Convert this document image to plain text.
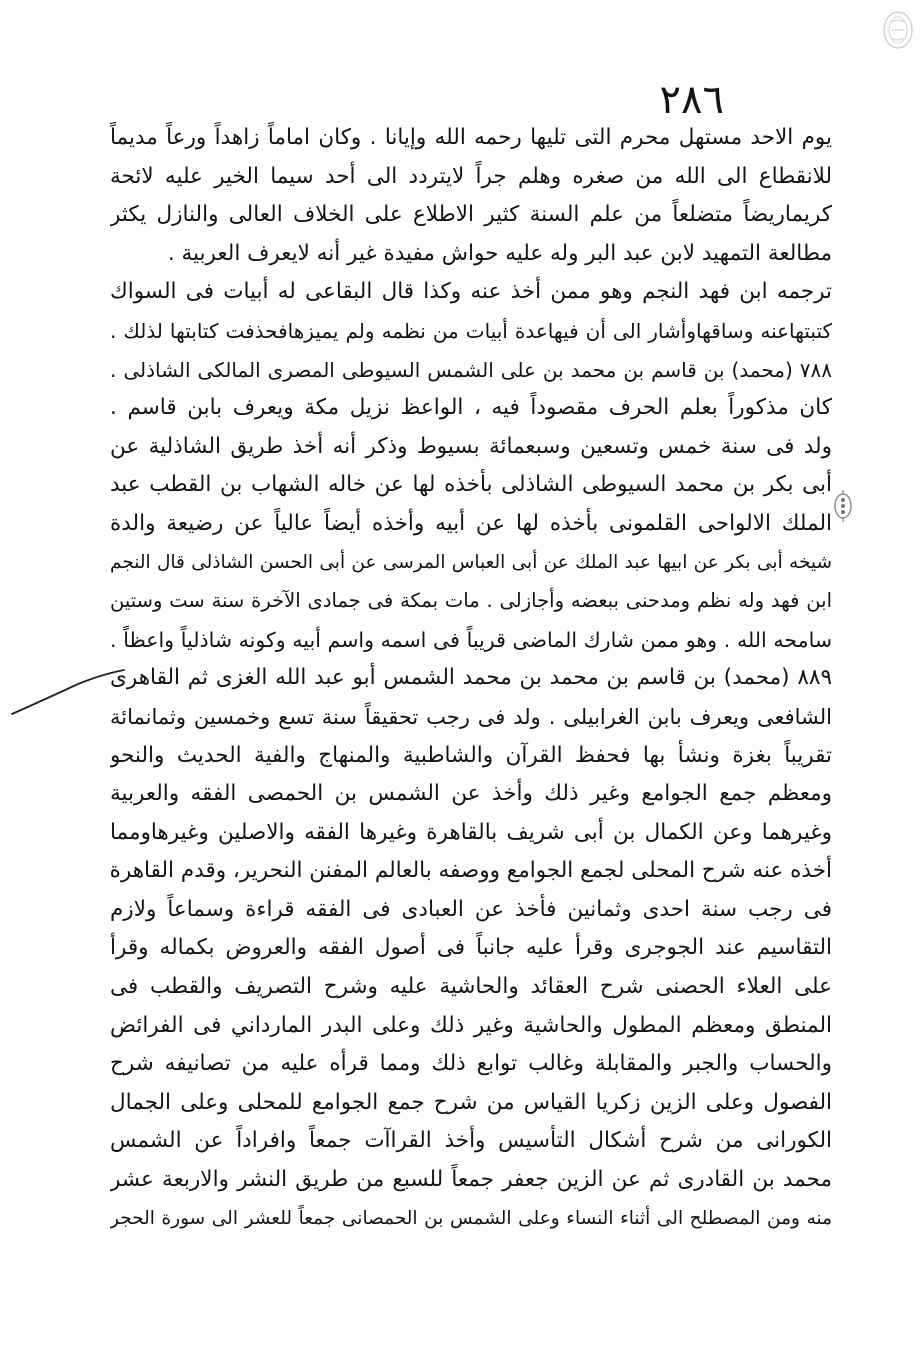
٢٨٦
يوم الاحد مستهل محرم التى تليها رحمه الله وإيانا . وكان اماماً زاهداً ورعاً مديماً
للانقطاع الى الله من صغره وهلم جراً لايتردد الى أحد سيما الخير عليه لائحة
كريماريضاً متضلعاً من علم السنة كثير الاطلاع على الخلاف العالى والنازل يكثر
مطالعة التمهيد لابن عبد البر وله عليه حواش مفيدة غير أنه لايعرف العربية .
ترجمه ابن فهد النجم وهو ممن أخذ عنه وكذا قال البقاعى له أبيات فى السواك
كتبتهاعنه وساقهاوأشار الى أن فيهاعدة أبيات من نظمه ولم يميزهافحذفت كتابتها لذلك .
٧٨٨ (محمد) بن قاسم بن محمد بن على الشمس السيوطى المصرى المالكى الشاذلى .
كان مذكوراً بعلم الحرف مقصوداً فيه ، الواعظ نزيل مكة ويعرف بابن قاسم .
ولد فى سنة خمس وتسعين وسبعمائة بسيوط وذكر أنه أخذ طريق الشاذلية عن
أبى بكر بن محمد السيوطى الشاذلى بأخذه لها عن خاله الشهاب بن القطب عبد
الملك الالواحى القلمونى بأخذه لها عن أبيه وأخذه أيضاً عالياً عن رضيعة والدة
شيخه أبى بكر عن ابيها عبد الملك عن أبى العباس المرسى عن أبى الحسن الشاذلى قال النجم
ابن فهد وله نظم ومدحنى ببعضه وأجازلى . مات بمكة فى جمادى الآخرة سنة ست وستين
سامحه الله . وهو ممن شارك الماضى قريباً فى اسمه واسم أبيه وكونه شاذلياً واعظاً .
٨٨٩ (محمد) بن قاسم بن محمد بن محمد الشمس أبو عبد الله الغزى ثم القاهرى
الشافعى ويعرف بابن الغرابيلى . ولد فى رجب تحقيقاً سنة تسع وخمسين وثمانمائة
تقريباً بغزة ونشأ بها فحفظ القرآن والشاطبية والمنهاج والفية الحديث والنحو
ومعظم جمع الجوامع وغير ذلك وأخذ عن الشمس بن الحمصى الفقه والعربية
وغيرهما وعن الكمال بن أبى شريف بالقاهرة وغيرها الفقه والاصلين وغيرهاومما
أخذه عنه شرح المحلى لجمع الجوامع ووصفه بالعالم المفنن النحرير، وقدم القاهرة
فى رجب سنة احدى وثمانين فأخذ عن العبادى فى الفقه قراءة وسماعاً ولازم
التقاسيم عند الجوجرى وقرأ عليه جانباً فى أصول الفقه والعروض بكماله وقرأ
على العلاء الحصنى شرح العقائد والحاشية عليه وشرح التصريف والقطب فى
المنطق ومعظم المطول والحاشية وغير ذلك وعلى البدر المارداني فى الفرائض
والحساب والجبر والمقابلة وغالب توابع ذلك ومما قرأه عليه من تصانيفه شرح
الفصول وعلى الزين زكريا القياس من شرح جمع الجوامع للمحلى وعلى الجمال
الكورانى من شرح أشكال التأسيس وأخذ القراآت جمعاً وافراداً عن الشمس
محمد بن القادرى ثم عن الزين جعفر جمعاً للسبع من طريق النشر والاربعة عشر
منه ومن المصطلح الى أثناء النساء وعلى الشمس بن الحمصانى جمعاً للعشر الى سورة الحجر
